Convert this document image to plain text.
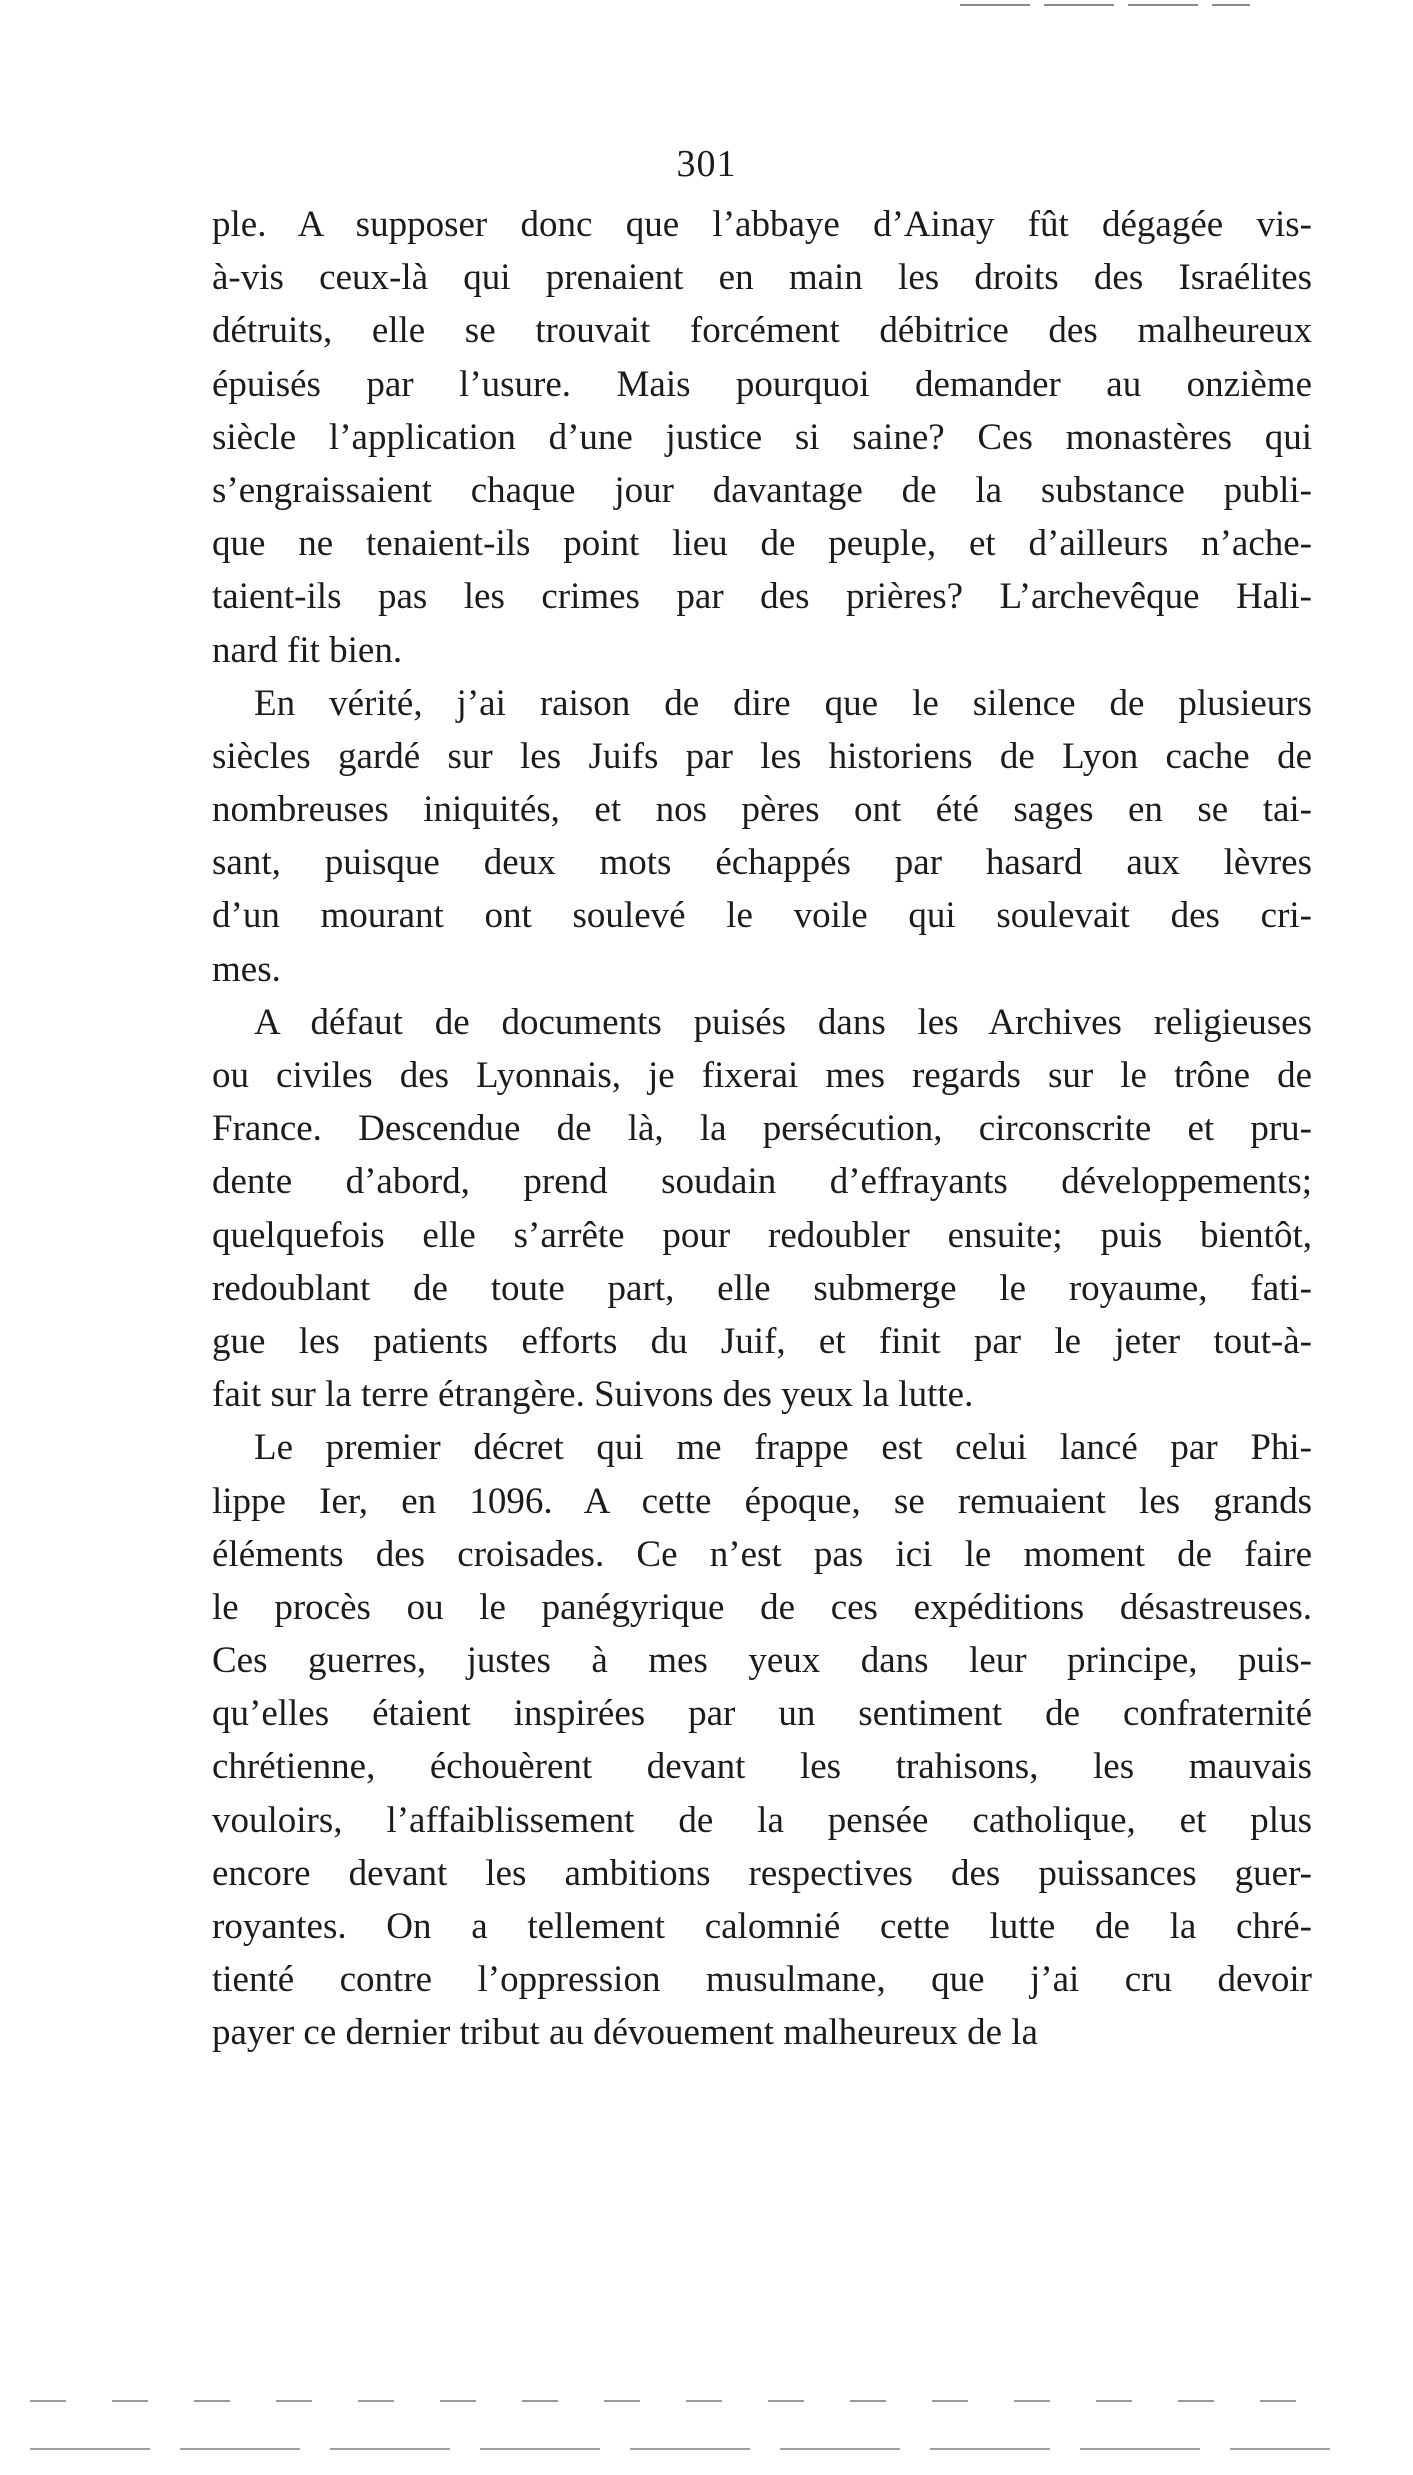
301
ple. A supposer donc que l’abbaye d’Ainay fût dégagée vis-
à-vis ceux-là qui prenaient en main les droits des Israélites
détruits, elle se trouvait forcément débitrice des malheureux
épuisés par l’usure. Mais pourquoi demander au onzième
siècle l’application d’une justice si saine? Ces monastères qui
s’engraissaient chaque jour davantage de la substance publi-
que ne tenaient-ils point lieu de peuple, et d’ailleurs n’ache-
taient-ils pas les crimes par des prières? L’archevêque Hali-
nard fit bien.
En vérité, j’ai raison de dire que le silence de plusieurs
siècles gardé sur les Juifs par les historiens de Lyon cache de
nombreuses iniquités, et nos pères ont été sages en se tai-
sant, puisque deux mots échappés par hasard aux lèvres
d’un mourant ont soulevé le voile qui soulevait des cri-
mes.
A défaut de documents puisés dans les Archives religieuses
ou civiles des Lyonnais, je fixerai mes regards sur le trône de
France. Descendue de là, la persécution, circonscrite et pru-
dente d’abord, prend soudain d’effrayants développements;
quelquefois elle s’arrête pour redoubler ensuite; puis bientôt,
redoublant de toute part, elle submerge le royaume, fati-
gue les patients efforts du Juif, et finit par le jeter tout-à-
fait sur la terre étrangère. Suivons des yeux la lutte.
Le premier décret qui me frappe est celui lancé par Phi-
lippe Ier, en 1096. A cette époque, se remuaient les grands
éléments des croisades. Ce n’est pas ici le moment de faire
le procès ou le panégyrique de ces expéditions désastreuses.
Ces guerres, justes à mes yeux dans leur principe, puis-
qu’elles étaient inspirées par un sentiment de confraternité
chrétienne, échouèrent devant les trahisons, les mauvais
vouloirs, l’affaiblissement de la pensée catholique, et plus
encore devant les ambitions respectives des puissances guer-
royantes. On a tellement calomnié cette lutte de la chré-
tienté contre l’oppression musulmane, que j’ai cru devoir
payer ce dernier tribut au dévouement malheureux de la
